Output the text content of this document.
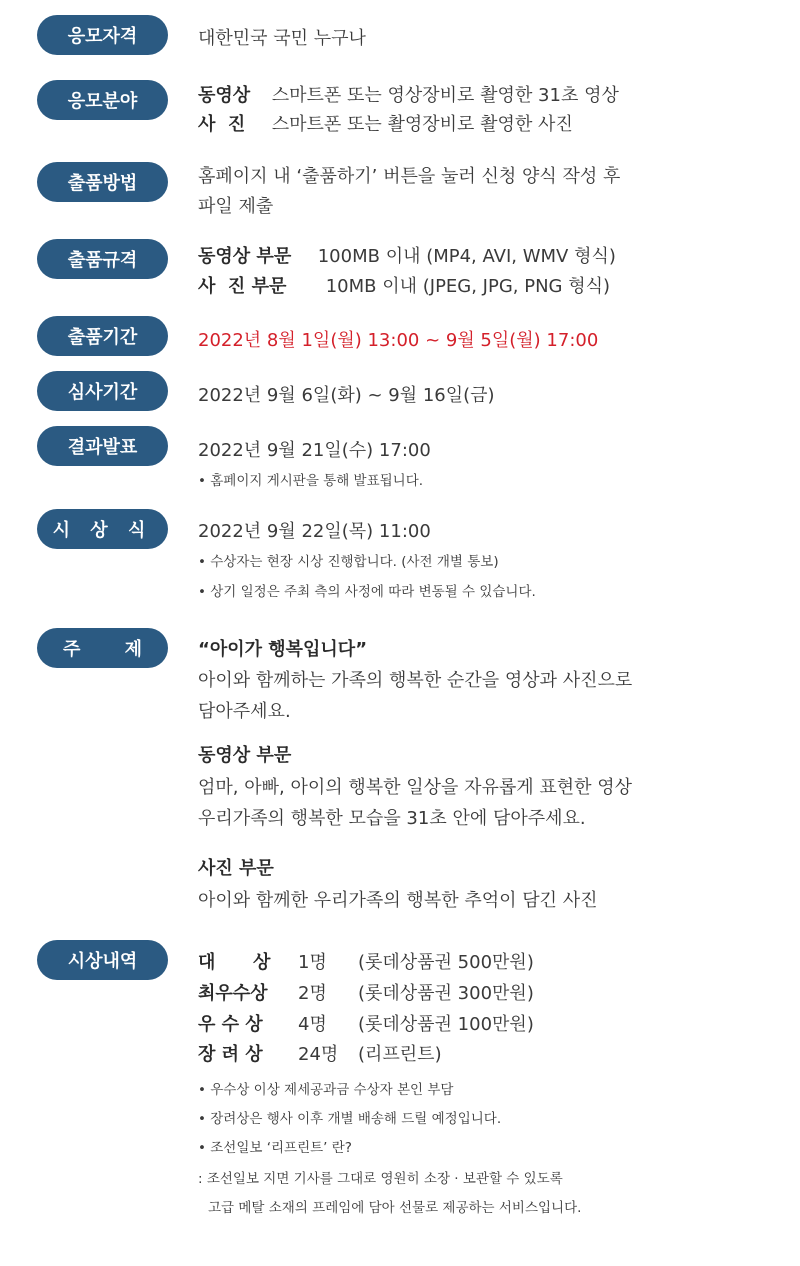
응모자격	대한민국 국민 누구나
응모분야	동영상 스마트폰 또는 영상장비로 촬영한 31초 영상
사  진 스마트폰 또는 촬영장비로 촬영한 사진
출품방법	홈페이지 내 ‘출품하기’ 버튼을 눌러 신청 양식 작성 후
파일 제출
출품규격	동영상 부문 100MB 이내 (MP4, AVI, WMV 형식)
사  진 부문 10MB 이내 (JPEG, JPG, PNG 형식)
출품기간	2022년 8월 1일(월) 13:00 ~ 9월 5일(월) 17:00
심사기간	2022년 9월 6일(화) ~ 9월 16일(금)
결과발표	2022년 9월 21일(수) 17:00
• 홈페이지 게시판을 통해 발표됩니다.
시 상 식	2022년 9월 22일(목) 11:00
• 수상자는 현장 시상 진행합니다. (사전 개별 통보)
• 상기 일정은 주최 측의 사정에 따라 변동될 수 있습니다.
주 제	“아이가 행복입니다”
아이와 함께하는 가족의 행복한 순간을 영상과 사진으로
담아주세요.
동영상 부문
엄마, 아빠, 아이의 행복한 일상을 자유롭게 표현한 영상
우리가족의 행복한 모습을 31초 안에 담아주세요.
사진 부문
아이와 함께한 우리가족의 행복한 추억이 담긴 사진
시상내역	대      상 1명 (롯데상품권 500만원)
최우수상 2명 (롯데상품권 300만원)
우 수 상 4명 (롯데상품권 100만원)
장 려 상 24명 (리프린트)
• 우수상 이상 제세공과금 수상자 본인 부담
• 장려상은 행사 이후 개별 배송해 드릴 예정입니다.
• 조선일보 ‘리프린트’ 란?
: 조선일보 지면 기사를 그대로 영원히 소장 · 보관할 수 있도록
고급 메탈 소재의 프레임에 담아 선물로 제공하는 서비스입니다.
